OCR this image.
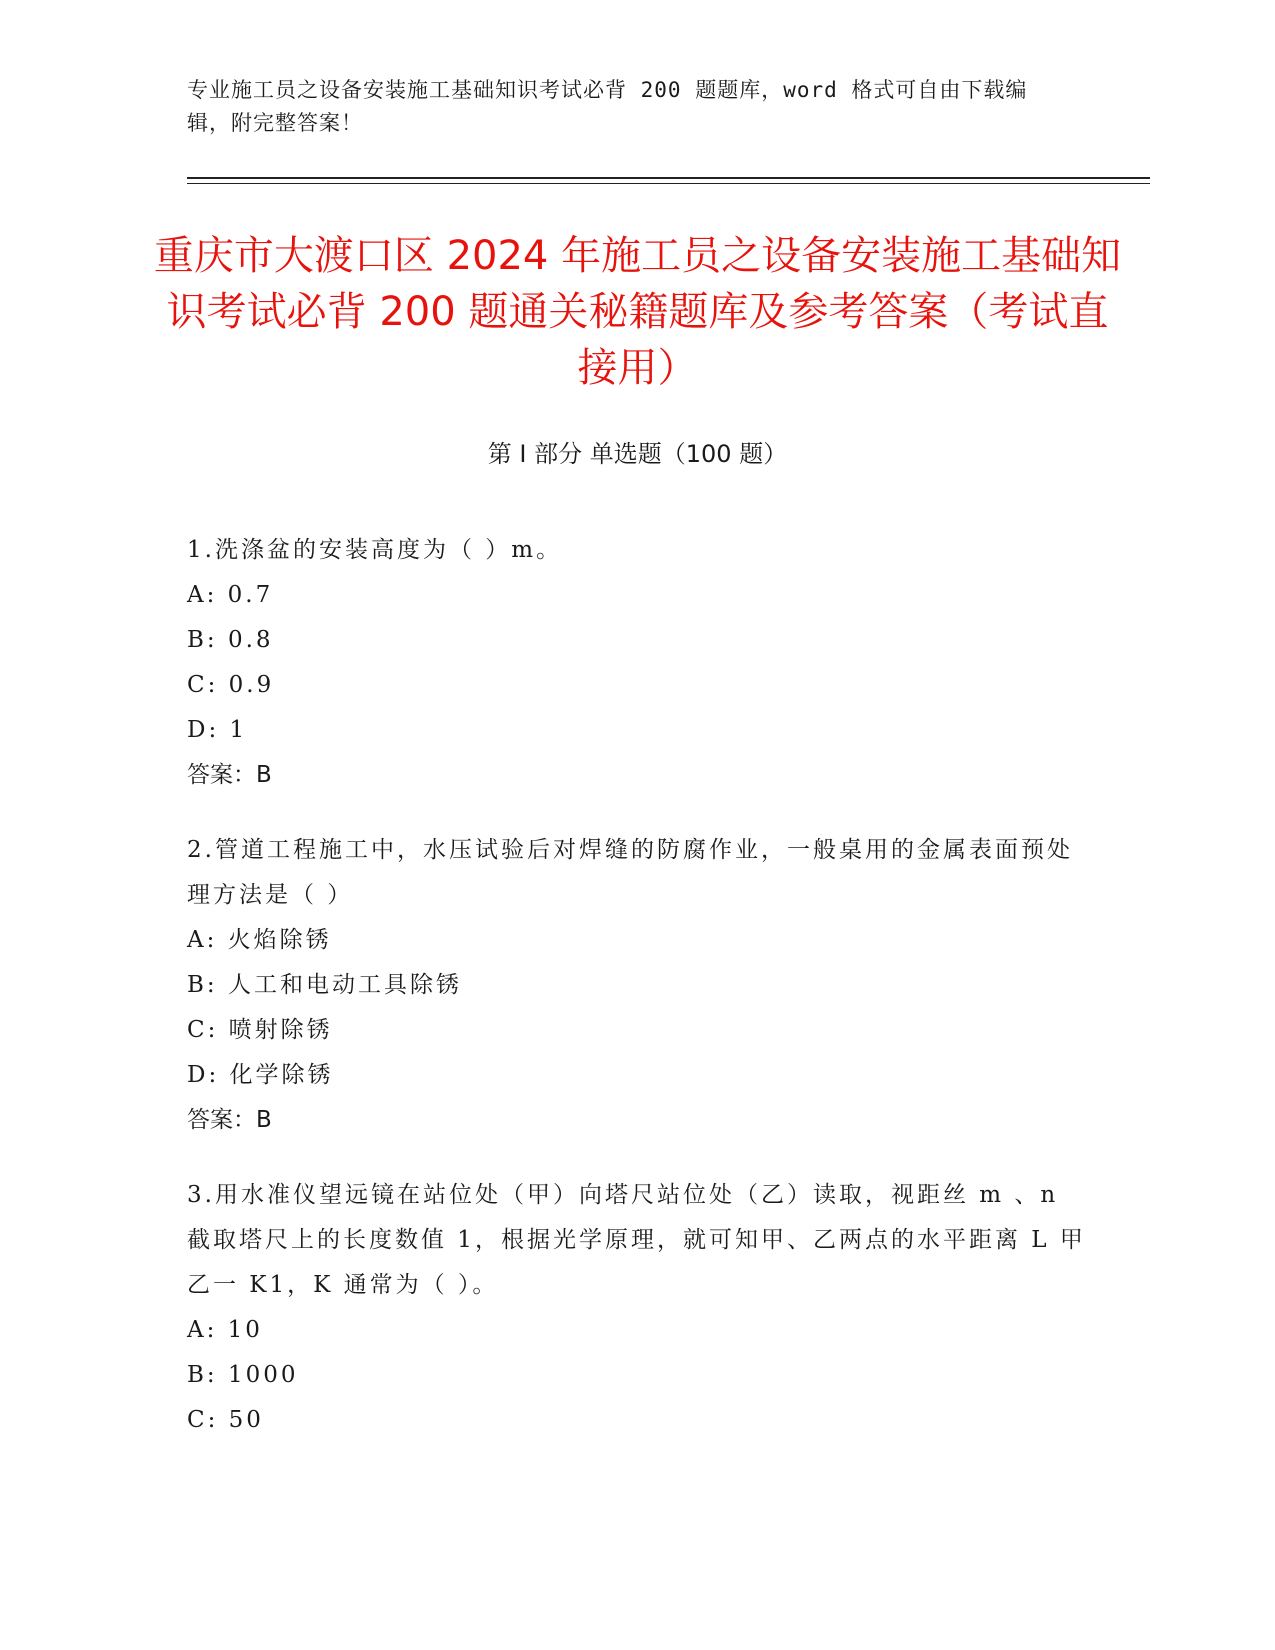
专业施工员之设备安装施工基础知识考试必背 200 题题库，word 格式可自由下载编辑，附完整答案！
重庆市大渡口区 2024 年施工员之设备安装施工基础知识考试必背 200 题通关秘籍题库及参考答案（考试直接用）
第 I 部分 单选题（100 题）
1.洗涤盆的安装高度为（ ）m。
A: 0.7
B: 0.8
C: 0.9
D: 1
答案：B
2.管道工程施工中，水压试验后对焊缝的防腐作业，一般桌用的金属表面预处理方法是（ ）
A: 火焰除锈
B: 人工和电动工具除锈
C: 喷射除锈
D: 化学除锈
答案：B
3.用水准仪望远镜在站位处（甲）向塔尺站位处（乙）读取，视距丝 m 、n 截取塔尺上的长度数值 1，根据光学原理，就可知甲、乙两点的水平距离 L 甲乙一 K1，K 通常为（ ）。
A: 10
B: 1000
C: 50
